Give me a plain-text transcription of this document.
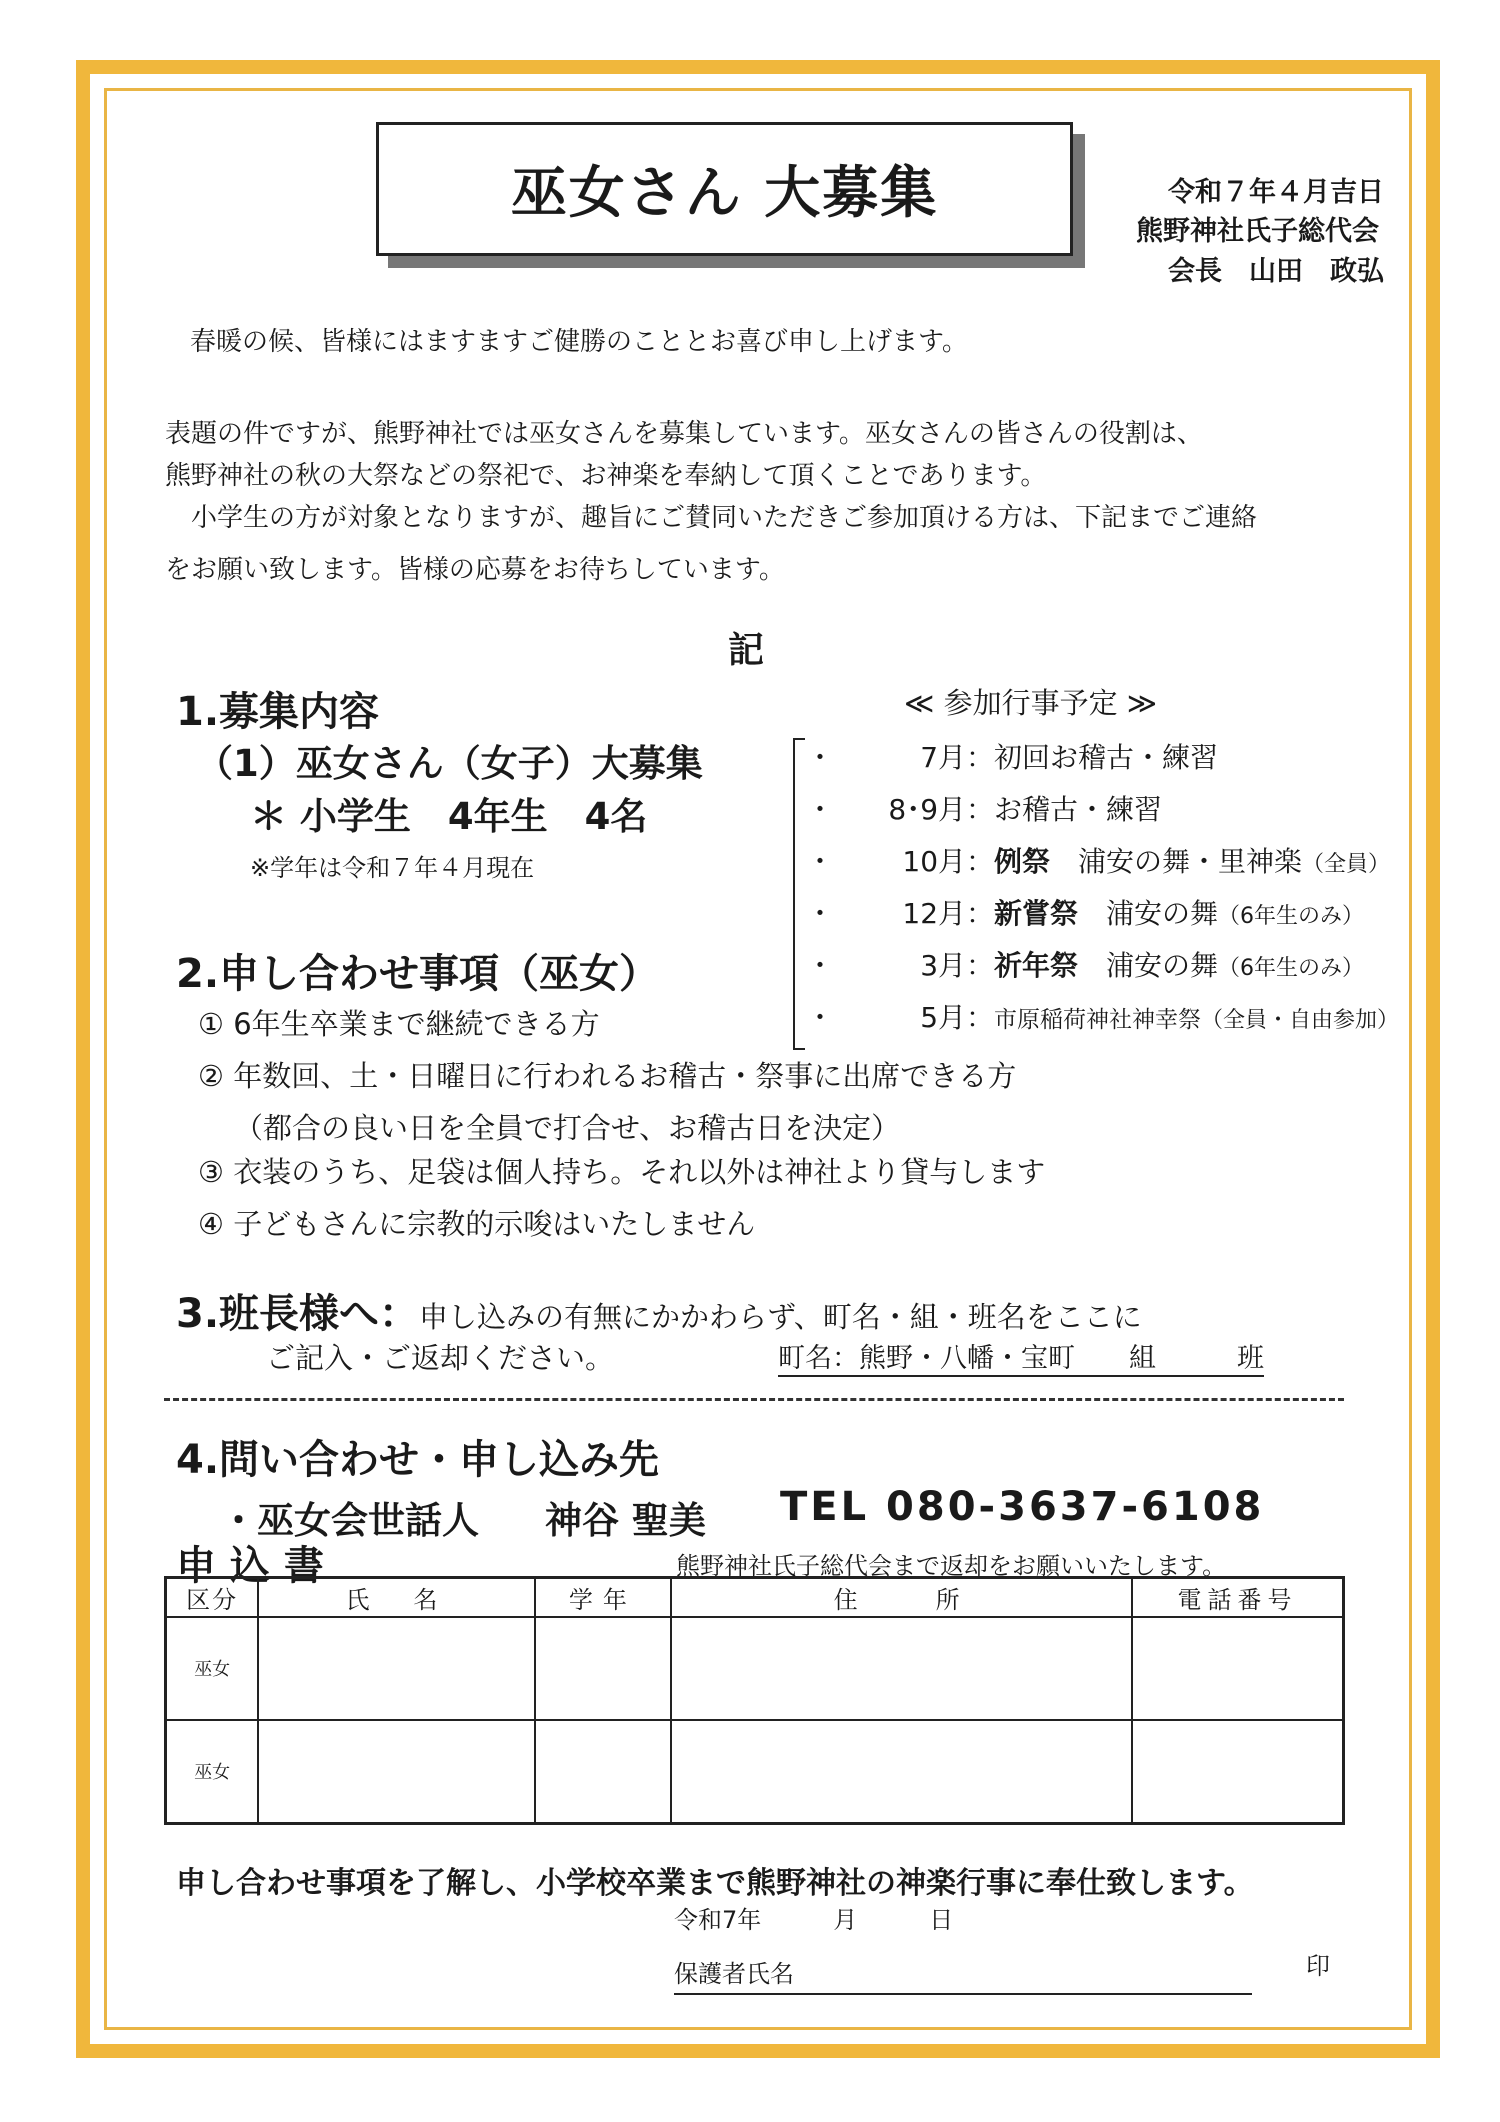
巫女さん 大募集	令和７年４月吉日
熊野神社氏子総代会
会長　山田　政弘
春暖の候、皆様にはますますご健勝のこととお喜び申し上げます。
表題の件ですが、熊野神社では巫女さんを募集しています。巫女さんの皆さんの役割は、
熊野神社の秋の大祭などの祭祀で、お神楽を奉納して頂くことであります。
　小学生の方が対象となりますが、趣旨にご賛同いただきご参加頂ける方は、下記までご連絡
をお願い致します。皆様の応募をお待ちしています。
記
1.募集内容
（1）巫女さん（女子）大募集
＊ 小学生　4年生　4名
※学年は令和７年４月現在
≪ 参加行事予定 ≫
・	7月：初回お稽古・練習
・ 8･9月：お稽古・練習
・ 10月：例祭 浦安の舞・里神楽（全員）
・ 12月：新嘗祭 浦安の舞（6年生のみ）
・	3月：祈年祭 浦安の舞（6年生のみ）
・	5月：市原稲荷神社神幸祭（全員・自由参加）
2.申し合わせ事項（巫女）
① 6年生卒業まで継続できる方
② 年数回、土・日曜日に行われるお稽古・祭事に出席できる方
（都合の良い日を全員で打合せ、お稽古日を決定）
③ 衣装のうち、足袋は個人持ち。それ以外は神社より貸与します
④ 子どもさんに宗教的示唆はいたしません
3.班長様へ：申し込みの有無にかかわらず、町名・組・班名をここに
ご記入・ご返却ください。	町名：熊野・八幡・宝町　　組　　　班
4.問い合わせ・申し込み先
・巫女会世話人 神谷 聖美 TEL 080-3637-6108
申 込 書	熊野神社氏子総代会まで返却をお願いいたします。
区分	氏　名	学年	住　　所	電話番号
巫女				
巫女				
申し合わせ事項を了解し、小学校卒業まで熊野神社の神楽行事に奉仕致します。
令和7年　　　月　　　日
保護者氏名	印
